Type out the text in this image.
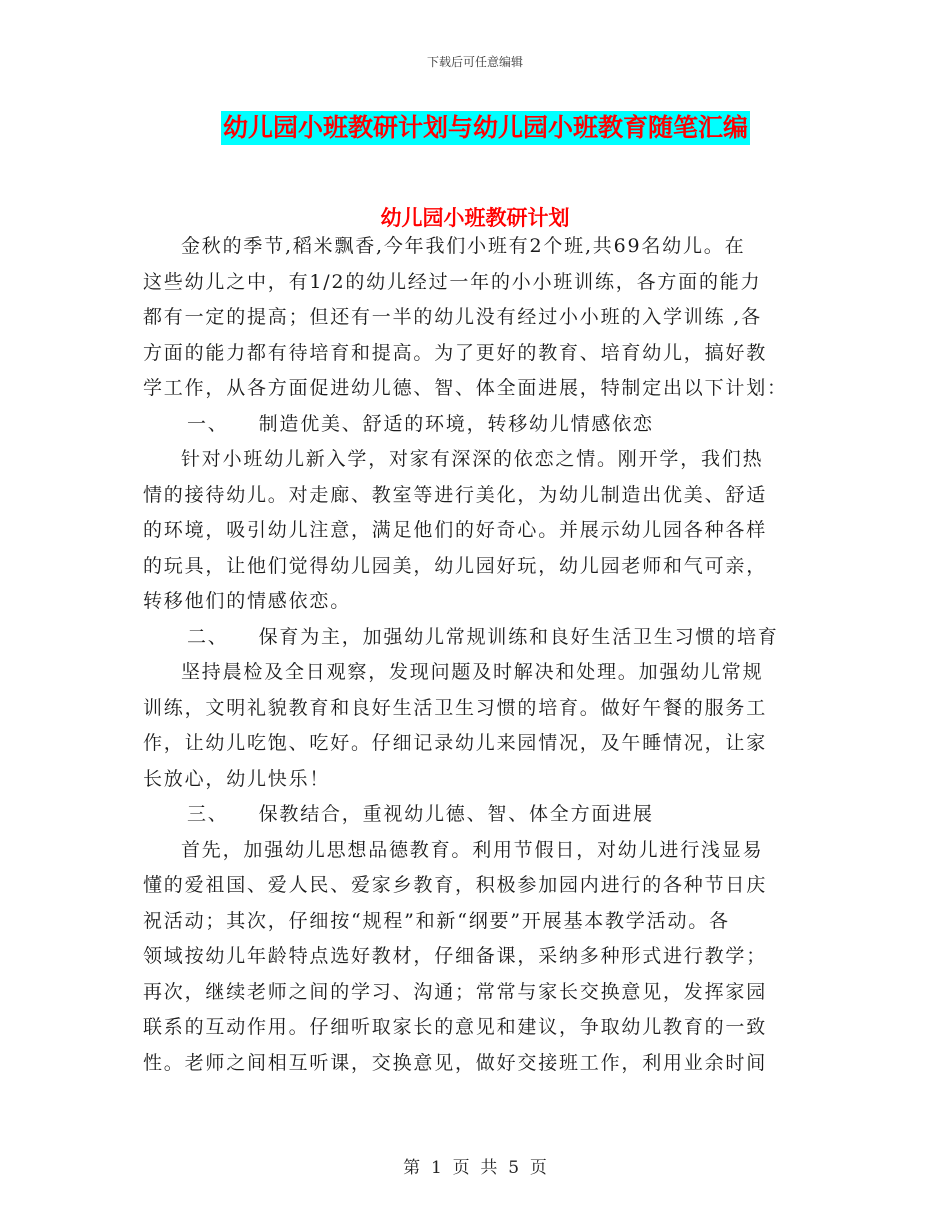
下载后可任意编辑
幼儿园小班教研计划与幼儿园小班教育随笔汇编
幼儿园小班教研计划
金秋的季节,稻米飘香,今年我们小班有2个班,共69名幼儿。在
这些幼儿之中，有1/2的幼儿经过一年的小小班训练，各方面的能力
都有一定的提高；但还有一半的幼儿没有经过小小班的入学训练 ,各
方面的能力都有待培育和提高。为了更好的教育、培育幼儿，搞好教
学工作，从各方面促进幼儿德、智、体全面进展，特制定出以下计划：
一、 制造优美、舒适的环境，转移幼儿情感依恋
针对小班幼儿新入学，对家有深深的依恋之情。刚开学，我们热
情的接待幼儿。对走廊、教室等进行美化，为幼儿制造出优美、舒适
的环境，吸引幼儿注意，满足他们的好奇心。并展示幼儿园各种各样
的玩具，让他们觉得幼儿园美，幼儿园好玩，幼儿园老师和气可亲，
转移他们的情感依恋。
二、 保育为主，加强幼儿常规训练和良好生活卫生习惯的培育
坚持晨检及全日观察，发现问题及时解决和处理。加强幼儿常规
训练，文明礼貌教育和良好生活卫生习惯的培育。做好午餐的服务工
作，让幼儿吃饱、吃好。仔细记录幼儿来园情况，及午睡情况，让家
长放心，幼儿快乐！
三、 保教结合，重视幼儿德、智、体全方面进展
首先，加强幼儿思想品德教育。利用节假日，对幼儿进行浅显易
懂的爱祖国、爱人民、爱家乡教育，积极参加园内进行的各种节日庆
祝活动；其次，仔细按“规程”和新“纲要”开展基本教学活动。各
领域按幼儿年龄特点选好教材，仔细备课，采纳多种形式进行教学；
再次，继续老师之间的学习、沟通；常常与家长交换意见，发挥家园
联系的互动作用。仔细听取家长的意见和建议，争取幼儿教育的一致
性。老师之间相互听课，交换意见，做好交接班工作，利用业余时间
第  1  页  共  5  页
